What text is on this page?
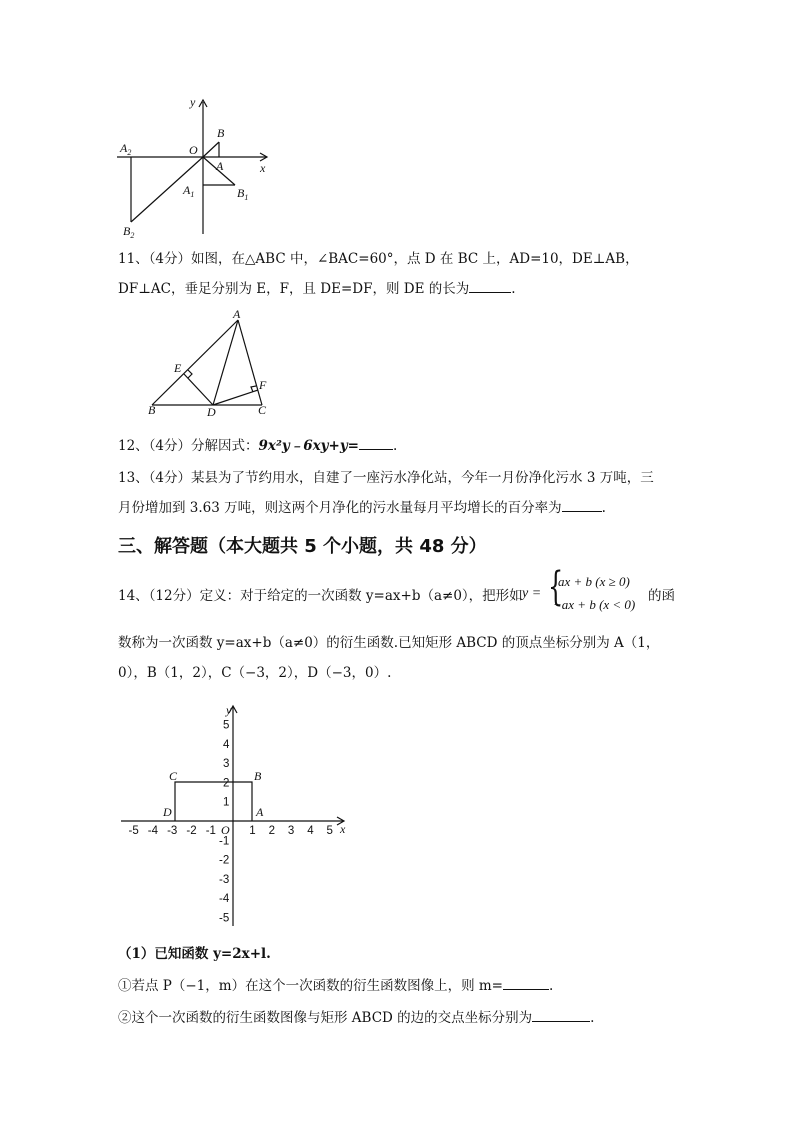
y
x
O
B
A
$A_2$
$A_1$	$B_1$
$B_2$
11、（4分）如图，在△ABC 中，∠BAC=60°，点 D 在 BC 上，AD=10，DE⊥AB，
DF⊥AC，垂足分别为 E，F，且 DE=DF，则 DE 的长为	.
A
E
F
B	D	C
12、（4分）分解因式：9x²y﹣6xy+y=	.
13、（4分）某县为了节约用水，自建了一座污水净化站，今年一月份净化污水 3 万吨，三
月份增加到 3.63 万吨，则这两个月净化的污水量每月平均增长的百分率为	.
三、解答题（本大题共 5 个小题，共 48 分）
14、（12分）定义：对于给定的一次函数 y=ax+b（a≠0），把形如 y = {
ax + b (x ≥ 0)
−ax + b (x < 0)
的函
数称为一次函数 y=ax+b（a≠0）的衍生函数.已知矩形 ABCD 的顶点坐标分别为 A（1，
0），B（1，2），C（−3，2），D（−3，0）.
-5 -4 -3 -2 -1	1 2 3 4 5
5
4
3
2
1
-1
-2
-3
-4
-5
y
x
O
A
B
C
D
（1）已知函数 y=2x+l.
①若点 P（−1，m）在这个一次函数的衍生函数图像上，则 m=	.
②这个一次函数的衍生函数图像与矩形 ABCD 的边的交点坐标分别为	.
